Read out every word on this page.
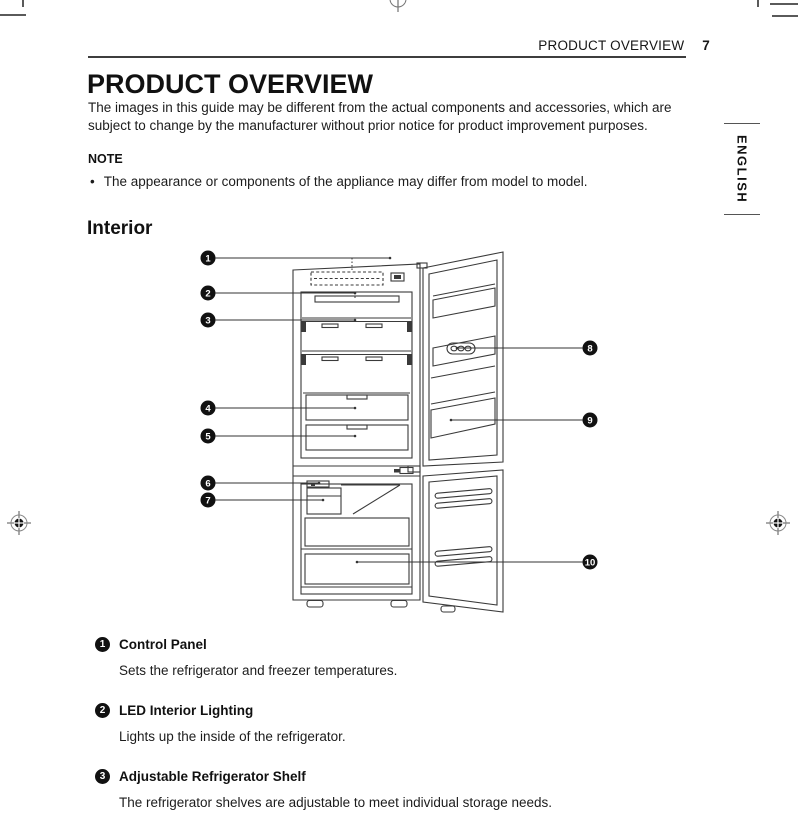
PRODUCT OVERVIEW 7
ENGLISH
PRODUCT OVERVIEW

The images in this guide may be different from the actual components and accessories, which are subject to change by the manufacturer without prior notice for product improvement purposes.

NOTE
• The appearance or components of the appliance may differ from model to model.
Interior
1
2
3
4
5
6
7
8
9
10
1	Control Panel
Sets the refrigerator and freezer temperatures.
2	LED Interior Lighting
Lights up the inside of the refrigerator.
3	Adjustable Refrigerator Shelf
The refrigerator shelves are adjustable to meet individual storage needs.
